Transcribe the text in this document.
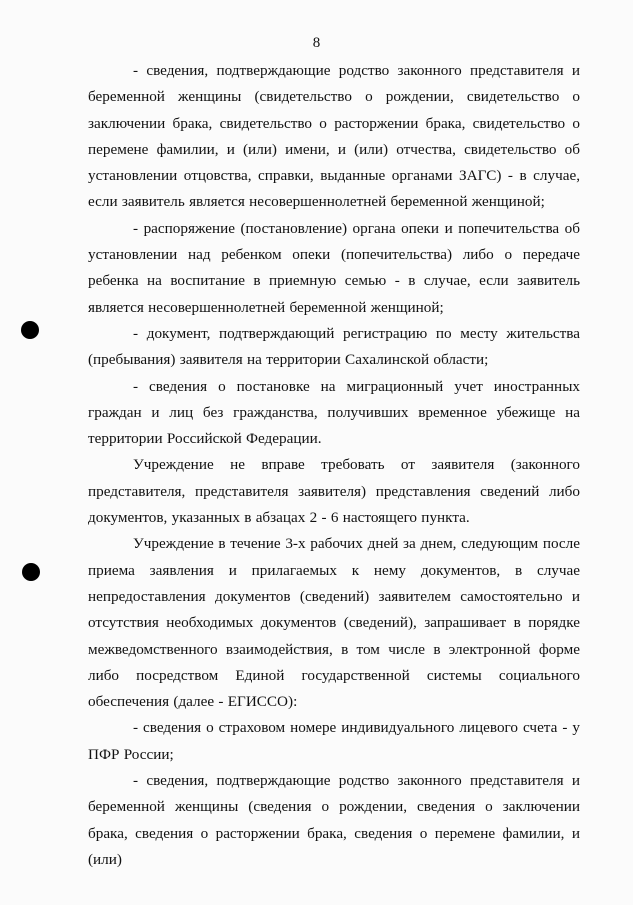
8

- сведения, подтверждающие родство законного представителя и беременной женщины (свидетельство о рождении, свидетельство о заключении брака, свидетельство о расторжении брака, свидетельство о перемене фамилии, и (или) имени, и (или) отчества, свидетельство об установлении отцовства, справки, выданные органами ЗАГС) - в случае, если заявитель является несовершеннолетней беременной женщиной;

- распоряжение (постановление) органа опеки и попечительства об установлении над ребенком опеки (попечительства) либо о передаче ребенка на воспитание в приемную семью - в случае, если заявитель является несовершеннолетней беременной женщиной;

- документ, подтверждающий регистрацию по месту жительства (пребывания) заявителя на территории Сахалинской области;

- сведения о постановке на миграционный учет иностранных граждан и лиц без гражданства, получивших временное убежище на территории Российской Федерации.

Учреждение не вправе требовать от заявителя (законного представителя, представителя заявителя) представления сведений либо документов, указанных в абзацах 2 - 6 настоящего пункта.

Учреждение в течение 3-х рабочих дней за днем, следующим после приема заявления и прилагаемых к нему документов, в случае непредоставления документов (сведений) заявителем самостоятельно и отсутствия необходимых документов (сведений), запрашивает в порядке межведомственного взаимодействия, в том числе в электронной форме либо посредством Единой государственной системы социального обеспечения (далее - ЕГИССО):

- сведения о страховом номере индивидуального лицевого счета - у ПФР России;

- сведения, подтверждающие родство законного представителя и беременной женщины (сведения о рождении, сведения о заключении брака, сведения о расторжении брака, сведения о перемене фамилии, и (или)
